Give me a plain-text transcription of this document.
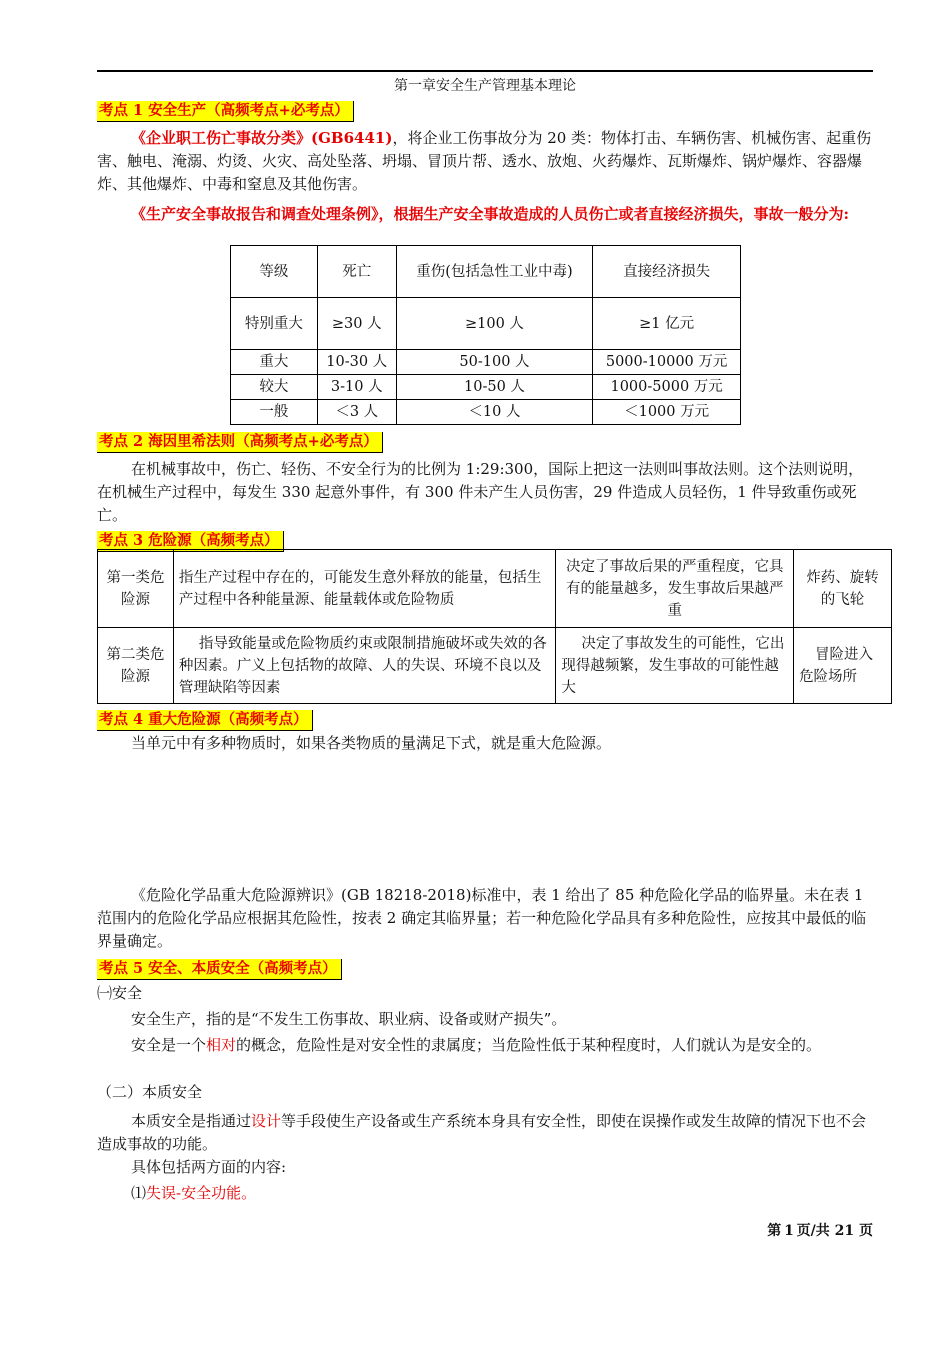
第一章安全生产管理基本理论
考点 1 安全生产（高频考点+必考点）
《企业职工伤亡事故分类》(GB6441)，将企业工伤事故分为 20 类：物体打击、车辆伤害、机械伤害、起重伤害、触电、淹溺、灼烫、火灾、高处坠落、坍塌、冒顶片帮、透水、放炮、火药爆炸、瓦斯爆炸、锅炉爆炸、容器爆炸、其他爆炸、中毒和窒息及其他伤害。
《生产安全事故报告和调查处理条例》，根据生产安全事故造成的人员伤亡或者直接经济损失，事故一般分为:
等级	死亡	重伤(包括急性工业中毒)	直接经济损失
特别重大	≥30 人	≥100 人	≥1 亿元
重大	10-30 人	50-100 人	5000-10000 万元
较大	3-10 人	10-50 人	1000-5000 万元
一般	＜3 人	＜10 人	＜1000 万元
考点 2 海因里希法则（高频考点+必考点）
在机械事故中，伤亡、轻伤、不安全行为的比例为 1:29:300，国际上把这一法则叫事故法则。这个法则说明，在机械生产过程中，每发生 330 起意外事件，有 300 件未产生人员伤害，29 件造成人员轻伤，1 件导致重伤或死亡。
考点 3 危险源（高频考点）
第一类危险源	指生产过程中存在的，可能发生意外释放的能量，包括生产过程中各种能量源、能量载体或危险物质	决定了事故后果的严重程度，它具有的能量越多，发生事故后果越严重	炸药、旋转的飞轮
第二类危险源	指导致能量或危险物质约束或限制措施破坏或失效的各种因素。广义上包括物的故障、人的失误、环境不良以及管理缺陷等因素	决定了事故发生的可能性，它出现得越频繁，发生事故的可能性越大	冒险进入危险场所
考点 4 重大危险源（高频考点）
当单元中有多种物质时，如果各类物质的量满足下式，就是重大危险源。
《危险化学品重大危险源辨识》(GB 18218-2018)标准中，表 1 给出了 85 种危险化学品的临界量。未在表 1 范围内的危险化学品应根据其危险性，按表 2 确定其临界量；若一种危险化学品具有多种危险性，应按其中最低的临界量确定。
考点 5 安全、本质安全（高频考点）
㈠安全
安全生产，指的是“不发生工伤事故、职业病、设备或财产损失”。
安全是一个相对的概念，危险性是对安全性的隶属度；当危险性低于某种程度时，人们就认为是安全的。
（二）本质安全
本质安全是指通过设计等手段使生产设备或生产系统本身具有安全性，即使在误操作或发生故障的情况下也不会造成事故的功能。
具体包括两方面的内容:
⑴失误-安全功能。
第  1  页/共 21 页
